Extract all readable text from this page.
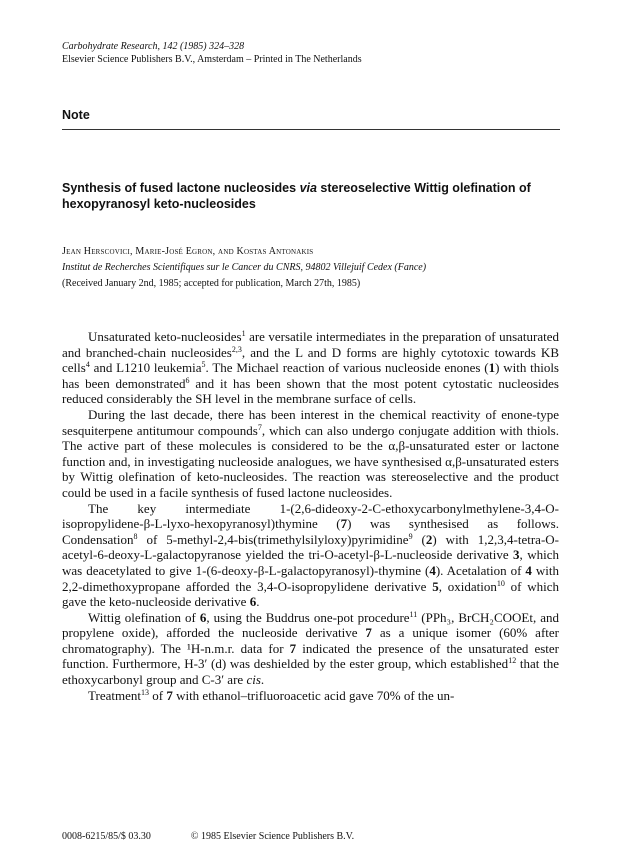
Carbohydrate Research, 142 (1985) 324–328
Elsevier Science Publishers B.V., Amsterdam – Printed in The Netherlands
Note
Synthesis of fused lactone nucleosides via stereoselective Wittig olefination of hexopyranosyl keto-nucleosides
Jean Herscovici, Marie-José Egron, and Kostas Antonakis
Institut de Recherches Scientifiques sur le Cancer du CNRS, 94802 Villejuif Cedex (Fance)
(Received January 2nd, 1985; accepted for publication, March 27th, 1985)

Unsaturated keto-nucleosides$^1$ are versatile intermediates in the preparation of unsaturated and branched-chain nucleosides$^{2,3}$, and the L and D forms are highly cytotoxic towards KB cells$^4$ and L1210 leukemia$^5$. The Michael reaction of various nucleoside enones (1) with thiols has been demonstrated$^6$ and it has been shown that the most potent cytostatic nucleosides reduced considerably the SH level in the membrane surface of cells.

During the last decade, there has been interest in the chemical reactivity of enone-type sesquiterpene antitumour compounds$^7$, which can also undergo conjugate addition with thiols. The active part of these molecules is considered to be the α,β-unsaturated ester or lactone function and, in investigating nucleoside analogues, we have synthesised α,β-unsaturated esters by Wittig olefination of keto-nucleosides. The reaction was stereoselective and the product could be used in a facile synthesis of fused lactone nucleosides.

The key intermediate 1-(2,6-dideoxy-2-C-ethoxycarbonylmethylene-3,4-O-isopropylidene-β-L-lyxo-hexopyranosyl)thymine (7) was synthesised as follows. Condensation$^8$ of 5-methyl-2,4-bis(trimethylsilyloxy)pyrimidine$^9$ (2) with 1,2,3,4-tetra-O-acetyl-6-deoxy-L-galactopyranose yielded the tri-O-acetyl-β-L-nucleoside derivative 3, which was deacetylated to give 1-(6-deoxy-β-L-galactopyranosyl)-thymine (4). Acetalation of 4 with 2,2-dimethoxypropane afforded the 3,4-O-isopropylidene derivative 5, oxidation$^{10}$ of which gave the keto-nucleoside derivative 6.

Wittig olefination of 6, using the Buddrus one-pot procedure$^{11}$ (PPh₃, BrCH₂COOEt, and propylene oxide), afforded the nucleoside derivative 7 as a unique isomer (60% after chromatography). The ¹H-n.m.r. data for 7 indicated the presence of the unsaturated ester function. Furthermore, H-3′ (d) was deshielded by the ester group, which established$^{12}$ that the ethoxycarbonyl group and C-3′ are cis.

Treatment$^{13}$ of 7 with ethanol–trifluoroacetic acid gave 70% of the un-

0008-6215/85/$ 03.30	© 1985 Elsevier Science Publishers B.V.
